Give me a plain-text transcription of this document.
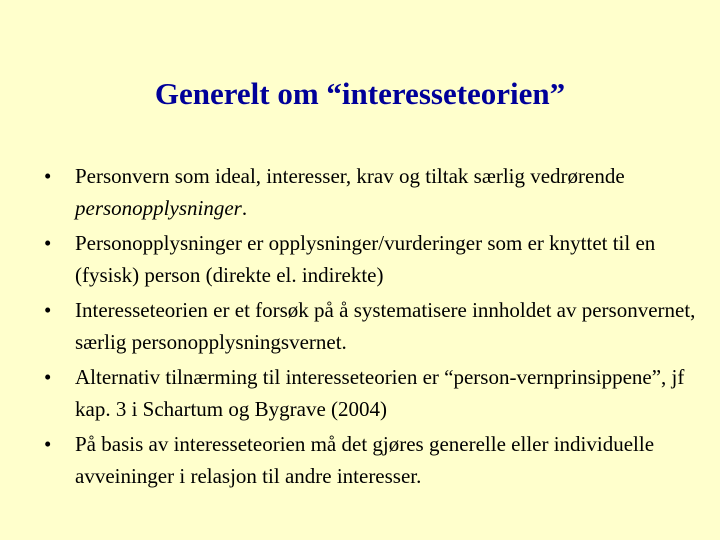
Generelt om “interesseteorien”
•	Personvern som ideal, interesser, krav og tiltak særlig vedrørende personopplysninger.
•	Personopplysninger er opplysninger/vurderinger som er knyttet til en (fysisk) person (direkte el. indirekte)
•	Interesseteorien er et forsøk på å systematisere innholdet av personvernet, særlig personopplysningsvernet.
•	Alternativ tilnærming til interesseteorien er “person-vernprinsippene”, jf kap. 3 i Schartum og Bygrave (2004)
•	På basis av interesseteorien må det gjøres generelle eller individuelle avveininger i relasjon til andre interesser.
